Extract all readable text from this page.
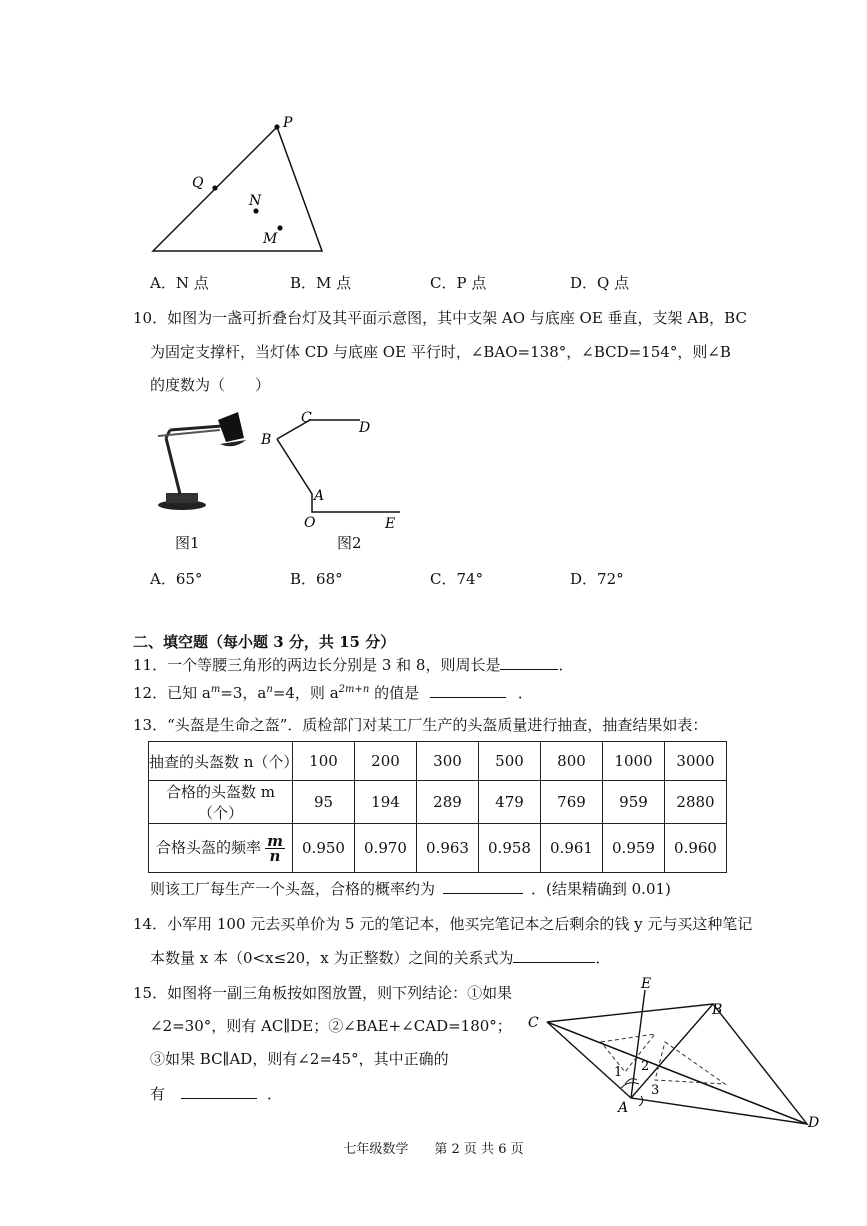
P
Q
N
M
A．N 点	B．M 点	C．P 点	D．Q 点
10．如图为一盏可折叠台灯及其平面示意图，其中支架 AO 与底座 OE 垂直，支架 AB，BC
为固定支撑杆，当灯体 CD 与底座 OE 平行时，∠BAO=138°，∠BCD=154°，则∠B
的度数为（　　）
图1
B
C
D
A
O	E
图2
A．65°	B．68°	C．74°	D．72°
二、填空题（每小题 3 分，共 15 分）
11．一个等腰三角形的两边长分别是 3 和 8，则周长是	．
12．已知 $a^m=3$，$a^n=4$，则 $a^{2m+n}$ 的值是	．
13．“头盔是生命之盔”．质检部门对某工厂生产的头盔质量进行抽查，抽查结果如表：
抽查的头盔数 n（个）	100	200	300	500	800	1000	3000
合格的头盔数 m（个）	95	194	289	479	769	959	2880
合格头盔的频率 $\frac{m}{n}$	0.950	0.970	0.963	0.958	0.961	0.959	0.960
则该工厂每生产一个头盔，合格的概率约为	．(结果精确到 0.01)
14．小军用 100 元去买单价为 5 元的笔记本，他买完笔记本之后剩余的钱 y 元与买这种笔记
本数量 x 本（0<x≤20，x 为正整数）之间的关系式为	．
15．如图将一副三角板按如图放置，则下列结论：①如果
∠2=30°，则有 AC∥DE；②∠BAE+∠CAD=180°；
③如果 BC∥AD，则有∠2=45°，其中正确的
有	．
E
B
C
A
D
1 2
3
七年级数学　　第 2 页 共 6 页
